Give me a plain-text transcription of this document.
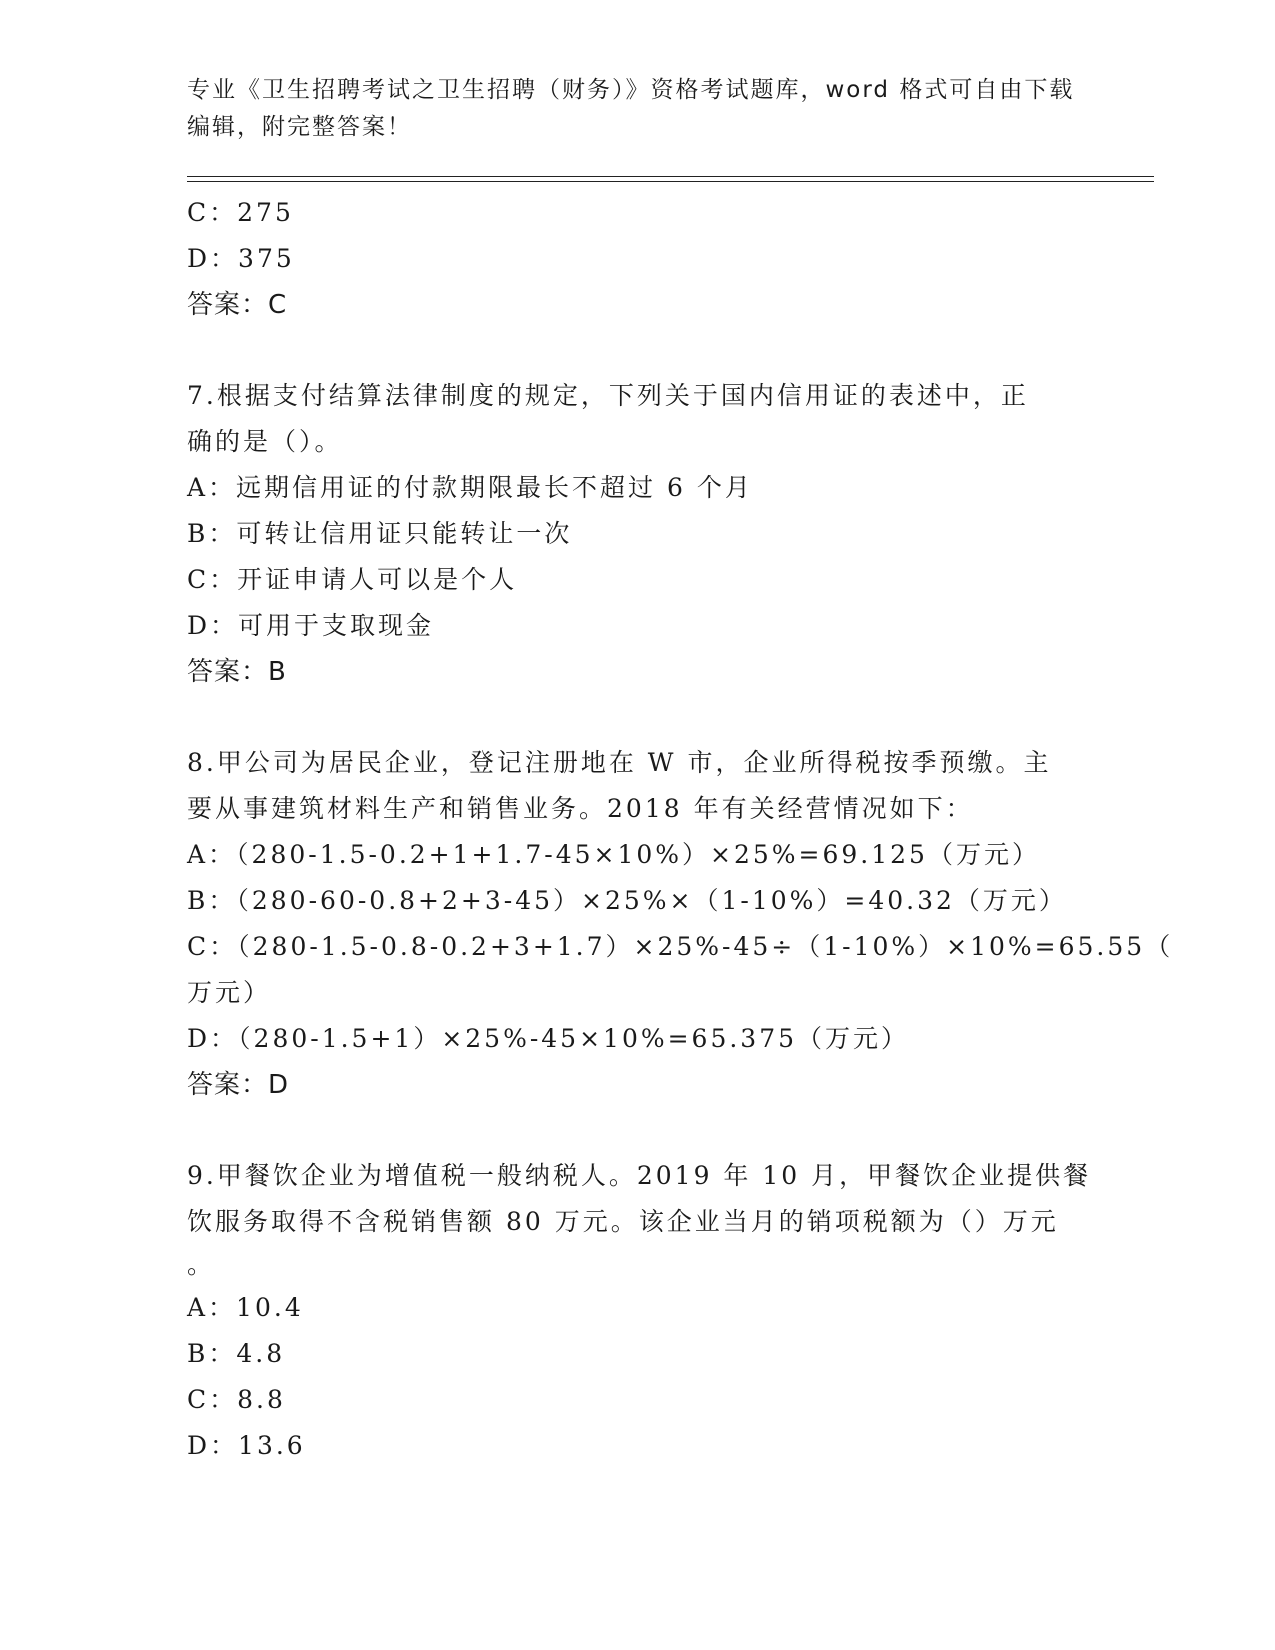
专业《卫生招聘考试之卫生招聘（财务）》资格考试题库，word 格式可自由下载
编辑，附完整答案！
C：275
D：375
答案：C
7.根据支付结算法律制度的规定，下列关于国内信用证的表述中，正
确的是（）。
A：远期信用证的付款期限最长不超过 6 个月
B：可转让信用证只能转让一次
C：开证申请人可以是个人
D：可用于支取现金
答案：B
8.甲公司为居民企业，登记注册地在 W 市，企业所得税按季预缴。主
要从事建筑材料生产和销售业务。2018 年有关经营情况如下：
A：（280-1.5-0.2+1+1.7-45×10%）×25%=69.125（万元）
B：（280-60-0.8+2+3-45）×25%×（1-10%）=40.32（万元）
C：（280-1.5-0.8-0.2+3+1.7）×25%-45÷（1-10%）×10%=65.55（
万元）
D：（280-1.5+1）×25%-45×10%=65.375（万元）
答案：D
9.甲餐饮企业为增值税一般纳税人。2019 年 10 月，甲餐饮企业提供餐
饮服务取得不含税销售额 80 万元。该企业当月的销项税额为（）万元
。
A：10.4
B：4.8
C：8.8
D：13.6
